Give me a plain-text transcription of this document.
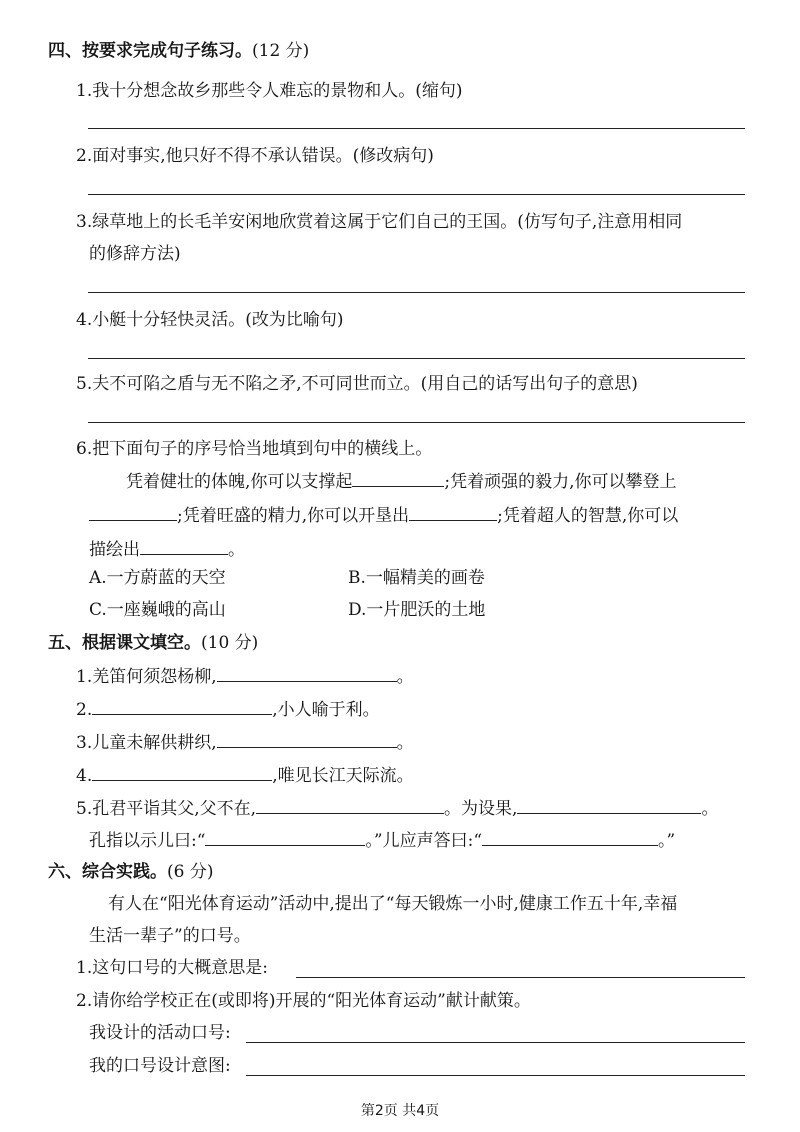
四、按要求完成句子练习。(12 分)
1.我十分想念故乡那些令人难忘的景物和人。(缩句)
2.面对事实,他只好不得不承认错误。(修改病句)
3.绿草地上的长毛羊安闲地欣赏着这属于它们自己的王国。(仿写句子,注意用相同
的修辞方法)
4.小艇十分轻快灵活。(改为比喻句)
5.夫不可陷之盾与无不陷之矛,不可同世而立。(用自己的话写出句子的意思)
6.把下面句子的序号恰当地填到句中的横线上。
凭着健壮的体魄,你可以支撑起	;凭着顽强的毅力,你可以攀登上
;凭着旺盛的精力,你可以开垦出	;凭着超人的智慧,你可以
描绘出	。
A.一方蔚蓝的天空	B.一幅精美的画卷
C.一座巍峨的高山	D.一片肥沃的土地
五、根据课文填空。(10 分)
1.羌笛何须怨杨柳,	。
2.	,小人喻于利。
3.儿童未解供耕织,	。
4.	,唯见长江天际流。
5.孔君平诣其父,父不在,	。为设果,	。
孔指以示儿曰:“	。”儿应声答曰:“	。”
六、综合实践。(6 分)
有人在“阳光体育运动”活动中,提出了“每天锻炼一小时,健康工作五十年,幸福
生活一辈子”的口号。
1.这句口号的大概意思是:
2.请你给学校正在(或即将)开展的“阳光体育运动”献计献策。
我设计的活动口号:
我的口号设计意图:
第2页 共4页
